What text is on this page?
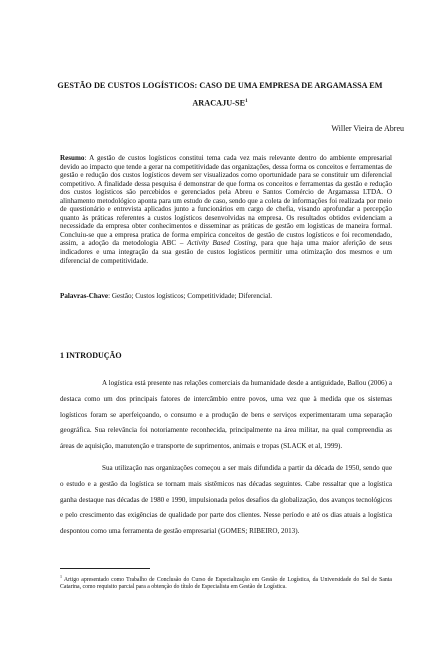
GESTÃO DE CUSTOS LOGÍSTICOS: CASO DE UMA EMPRESA DE ARGAMASSA EM ARACAJU-$SE^1$
Willer Vieira de Abreu
Resumo: A gestão de custos logísticos constitui tema cada vez mais relevante dentro do ambiente empresarial devido ao impacto que tende a gerar na competitividade das organizações, dessa forma os conceitos e ferramentas de gestão e redução dos custos logísticos devem ser visualizados como oportunidade para se constituir um diferencial competitivo. A finalidade dessa pesquisa é demonstrar de que forma os conceitos e ferramentas da gestão e redução dos custos logísticos são percebidos e gerenciados pela Abreu e Santos Comércio de Argamassa LTDA. O alinhamento metodológico aponta para um estudo de caso, sendo que a coleta de informações foi realizada por meio de questionário e entrevista aplicados junto a funcionários em cargo de chefia, visando aprofundar a percepção quanto às práticas referentes a custos logísticos desenvolvidas na empresa. Os resultados obtidos evidenciam a necessidade da empresa obter conhecimentos e disseminar as práticas de gestão em logísticas de maneira formal. Concluiu-se que a empresa pratica de forma empírica conceitos de gestão de custos logísticos e foi recomendado, assim, a adoção da metodologia ABC – Activity Based Costing, para que haja uma maior aferição de seus indicadores e uma integração da sua gestão de custos logísticos permitir uma otimização dos mesmos e um diferencial de competitividade.
Palavras-Chave: Gestão; Custos logísticos; Competitividade; Diferencial.
1 INTRODUÇÃO

A logística está presente nas relações comerciais da humanidade desde a antiguidade, Ballou (2006) a destaca como um dos principais fatores de intercâmbio entre povos, uma vez que à medida que os sistemas logísticos foram se aperfeiçoando, o consumo e a produção de bens e serviços experimentaram uma separação geográfica. Sua relevância foi notoriamente reconhecida, principalmente na área militar, na qual compreendia as áreas de aquisição, manutenção e transporte de suprimentos, animais e tropas (SLACK et al, 1999).

Sua utilização nas organizações começou a ser mais difundida a partir da década de 1950, sendo que o estudo e a gestão da logística se tornam mais sistêmicos nas décadas seguintes. Cabe ressaltar que a logística ganha destaque nas décadas de 1980 e 1990, impulsionada pelos desafios da globalização, dos avanços tecnológicos e pelo crescimento das exigências de qualidade por parte dos clientes. Nesse período e até os dias atuais a logística despontou como uma ferramenta de gestão empresarial (GOMES; RIBEIRO, 2013).

$^1$ Artigo apresentado como Trabalho de Conclusão do Curso de Especialização em Gestão de Logística, da Universidade do Sul de Santa Catarina, como requisito parcial para a obtenção do título de Especialista em Gestão de Logística.
